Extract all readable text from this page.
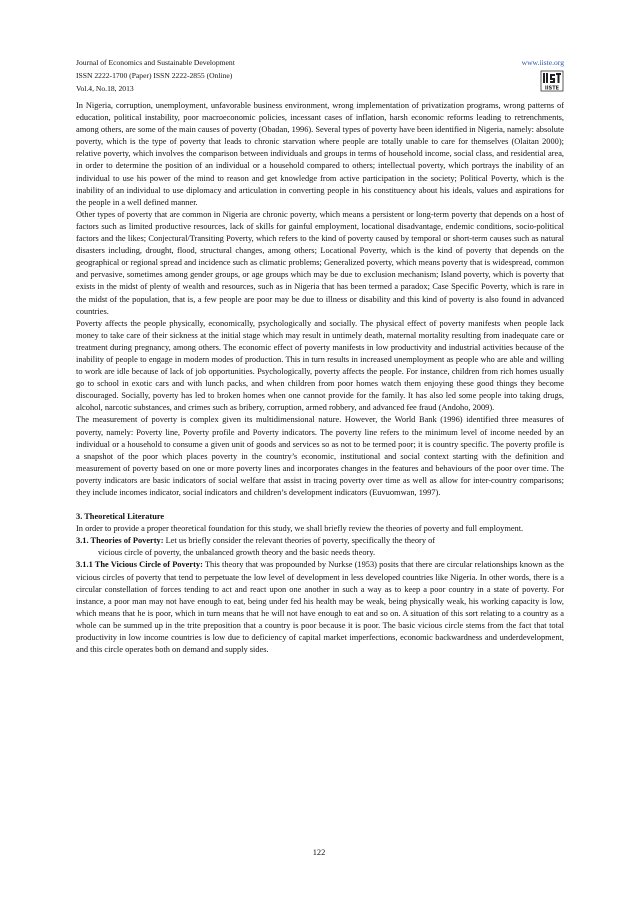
Journal of Economics and Sustainable Development
ISSN 2222-1700 (Paper) ISSN 2222-2855 (Online)
Vol.4, No.18, 2013
www.iiste.org
IISTE

In Nigeria, corruption, unemployment, unfavorable business environment, wrong implementation of privatization programs, wrong patterns of education, political instability, poor macroeconomic policies, incessant cases of inflation, harsh economic reforms leading to retrenchments, among others, are some of the main causes of poverty (Obadan, 1996). Several types of poverty have been identified in Nigeria, namely: absolute poverty, which is the type of poverty that leads to chronic starvation where people are totally unable to care for themselves (Olaitan 2000); relative poverty, which involves the comparison between individuals and groups in terms of household income, social class, and residential area, in order to determine the position of an individual or a household compared to others; intellectual poverty, which portrays the inability of an individual to use his power of the mind to reason and get knowledge from active participation in the society; Political Poverty, which is the inability of an individual to use diplomacy and articulation in converting people in his constituency about his ideals, values and aspirations for the people in a well defined manner.

Other types of poverty that are common in Nigeria are chronic poverty, which means a persistent or long-term poverty that depends on a host of factors such as limited productive resources, lack of skills for gainful employment, locational disadvantage, endemic conditions, socio-political factors and the likes; Conjectural/Transiting Poverty, which refers to the kind of poverty caused by temporal or short-term causes such as natural disasters including, drought, flood, structural changes, among others; Locational Poverty, which is the kind of poverty that depends on the geographical or regional spread and incidence such as climatic problems; Generalized poverty, which means poverty that is widespread, common and pervasive, sometimes among gender groups, or age groups which may be due to exclusion mechanism; Island poverty, which is poverty that exists in the midst of plenty of wealth and resources, such as in Nigeria that has been termed a paradox; Case Specific Poverty, which is rare in the midst of the population, that is, a few people are poor may be due to illness or disability and this kind of poverty is also found in advanced countries.

Poverty affects the people physically, economically, psychologically and socially. The physical effect of poverty manifests when people lack money to take care of their sickness at the initial stage which may result in untimely death, maternal mortality resulting from inadequate care or treatment during pregnancy, among others. The economic effect of poverty manifests in low productivity and industrial activities because of the inability of people to engage in modern modes of production. This in turn results in increased unemployment as people who are able and willing to work are idle because of lack of job opportunities. Psychologically, poverty affects the people. For instance, children from rich homes usually go to school in exotic cars and with lunch packs, and when children from poor homes watch them enjoying these good things they become discouraged. Socially, poverty has led to broken homes when one cannot provide for the family. It has also led some people into taking drugs, alcohol, narcotic substances, and crimes such as bribery, corruption, armed robbery, and advanced fee fraud (Andoho, 2009).

The measurement of poverty is complex given its multidimensional nature. However, the World Bank (1996) identified three measures of poverty, namely: Poverty line, Poverty profile and Poverty indicators. The poverty line refers to the minimum level of income needed by an individual or a household to consume a given unit of goods and services so as not to be termed poor; it is country specific. The poverty profile is a snapshot of the poor which places poverty in the country’s economic, institutional and social context starting with the definition and measurement of poverty based on one or more poverty lines and incorporates changes in the features and behaviours of the poor over time. The poverty indicators are basic indicators of social welfare that assist in tracing poverty over time as well as allow for inter-country comparisons; they include incomes indicator, social indicators and children’s development indicators (Euvuomwan, 1997).

3. Theoretical Literature

In order to provide a proper theoretical foundation for this study, we shall briefly review the theories of poverty and full employment.

3.1. Theories of Poverty: Let us briefly consider the relevant theories of poverty, specifically the theory of

vicious circle of poverty, the unbalanced growth theory and the basic needs theory.

3.1.1 The Vicious Circle of Poverty: This theory that was propounded by Nurkse (1953) posits that there are circular relationships known as the vicious circles of poverty that tend to perpetuate the low level of development in less developed countries like Nigeria. In other words, there is a circular constellation of forces tending to act and react upon one another in such a way as to keep a poor country in a state of poverty. For instance, a poor man may not have enough to eat, being under fed his health may be weak, being physically weak, his working capacity is low, which means that he is poor, which in turn means that he will not have enough to eat and so on. A situation of this sort relating to a country as a whole can be summed up in the trite preposition that a country is poor because it is poor. The basic vicious circle stems from the fact that total productivity in low income countries is low due to deficiency of capital market imperfections, economic backwardness and underdevelopment, and this circle operates both on demand and supply sides.

122
